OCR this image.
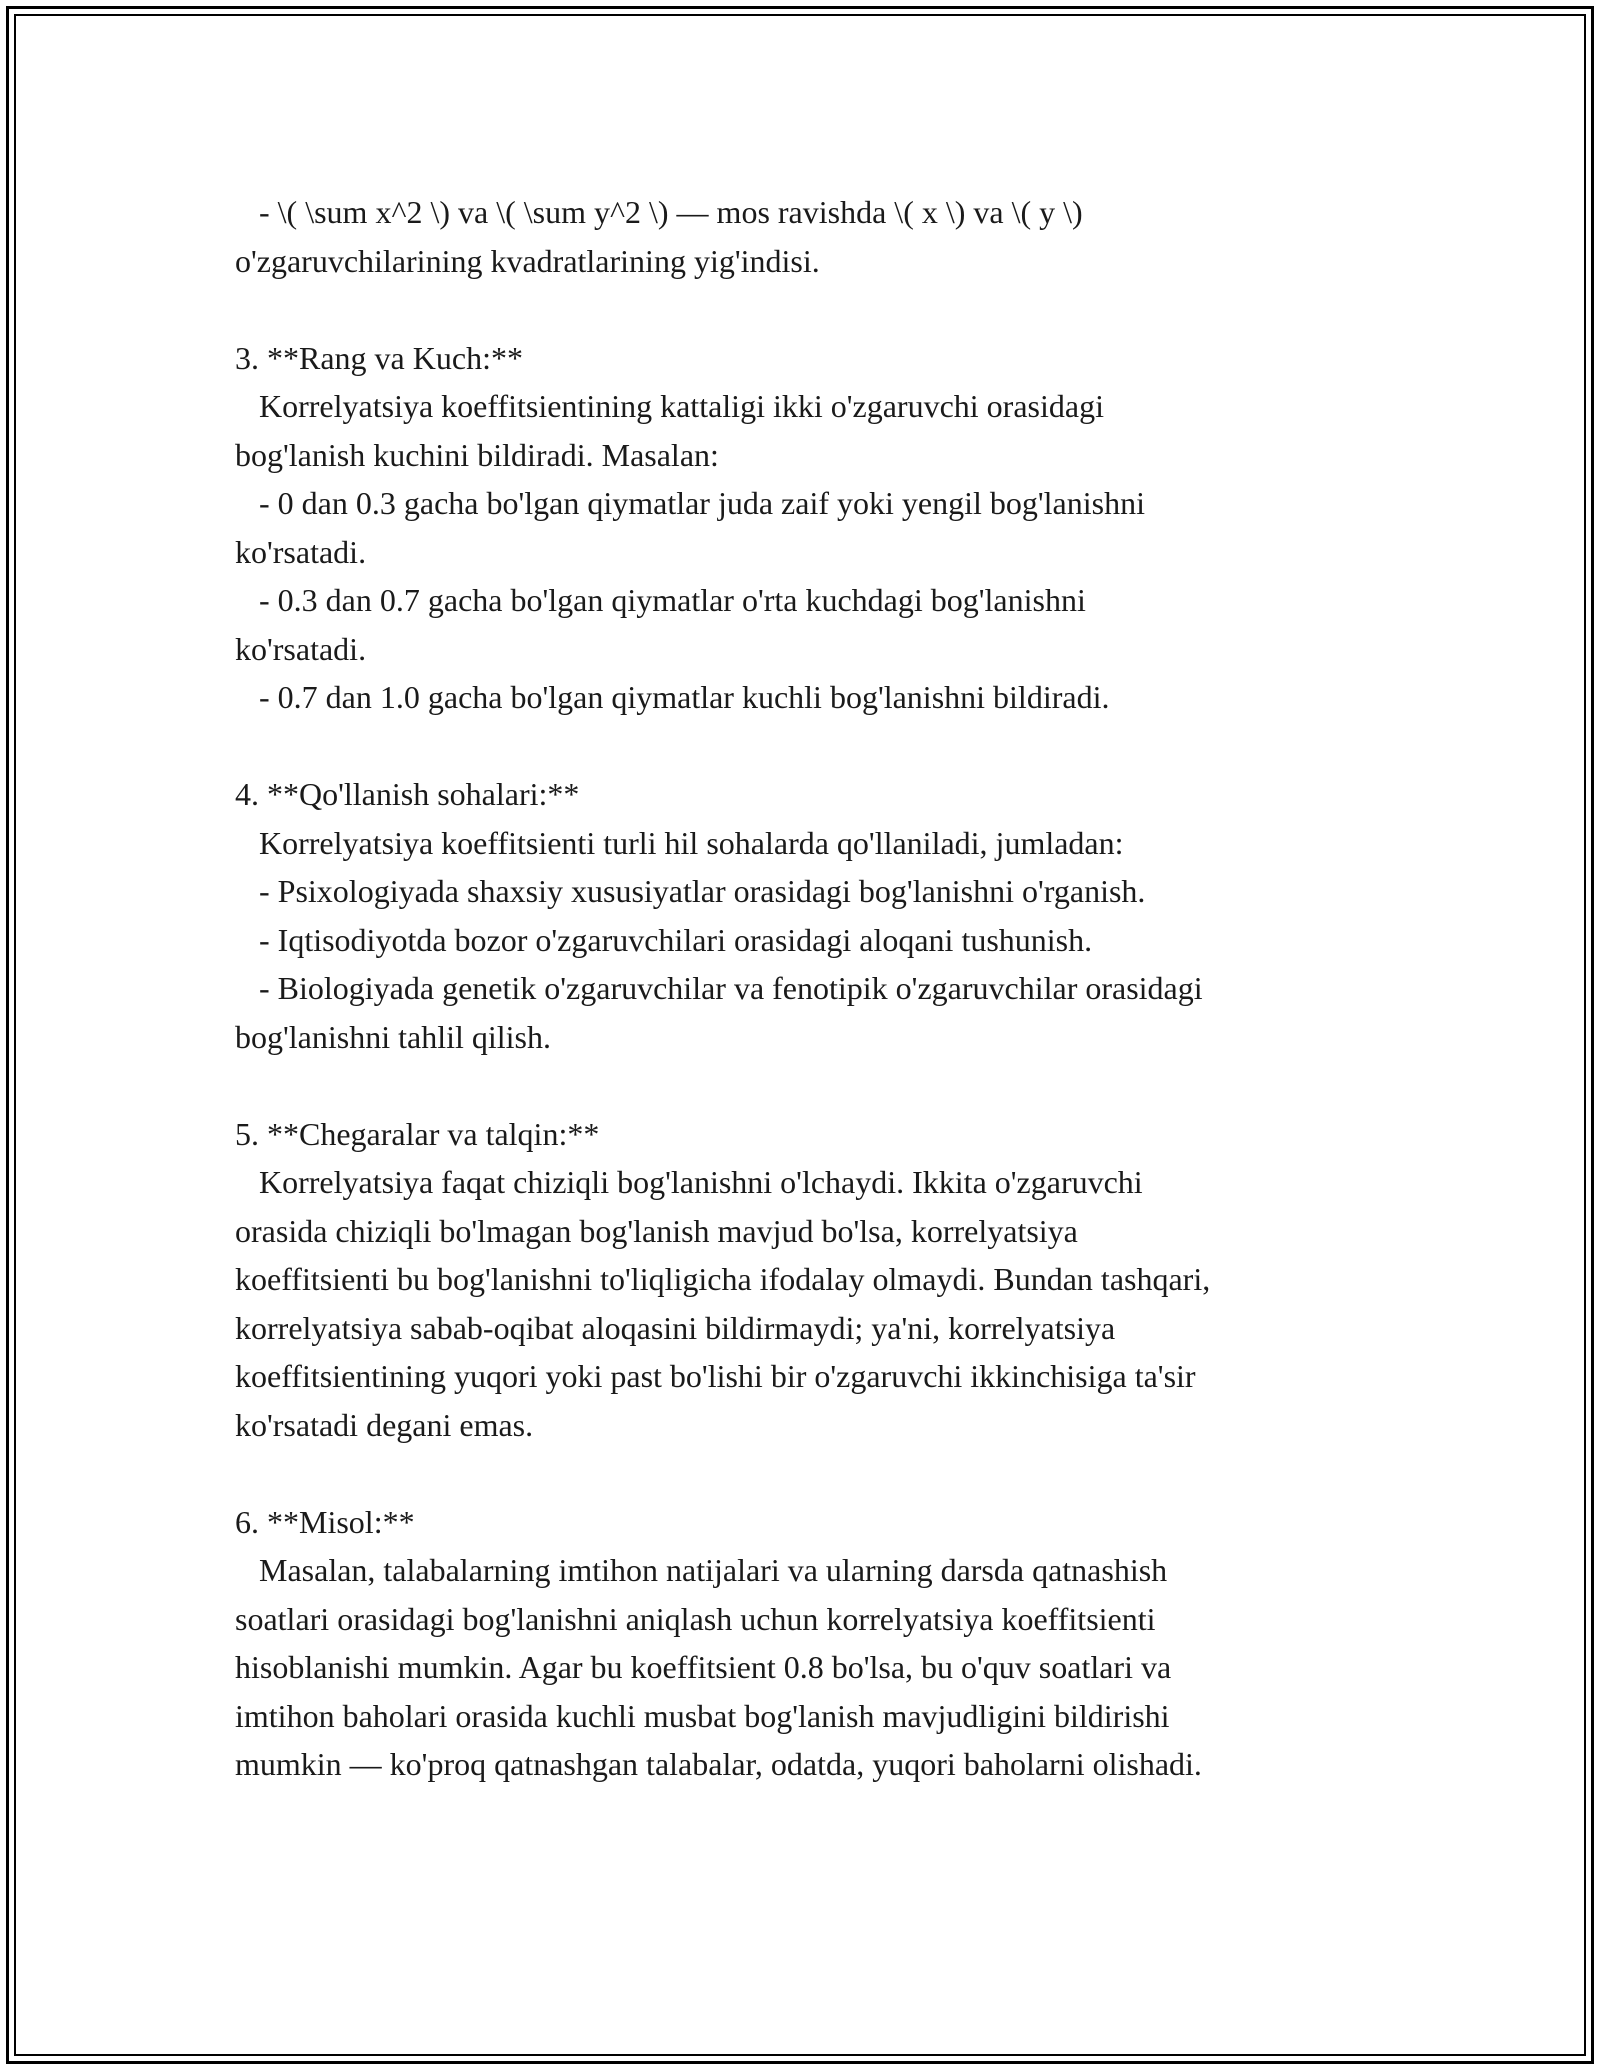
- \( \sum x^2 \) va \( \sum y^2 \) — mos ravishda \( x \) va \( y \)
o'zgaruvchilarining kvadratlarining yig'indisi.
3. **Rang va Kuch:**
Korrelyatsiya koeffitsientining kattaligi ikki o'zgaruvchi orasidagi
bog'lanish kuchini bildiradi. Masalan:
- 0 dan 0.3 gacha bo'lgan qiymatlar juda zaif yoki yengil bog'lanishni
ko'rsatadi.
- 0.3 dan 0.7 gacha bo'lgan qiymatlar o'rta kuchdagi bog'lanishni
ko'rsatadi.
- 0.7 dan 1.0 gacha bo'lgan qiymatlar kuchli bog'lanishni bildiradi.
4. **Qo'llanish sohalari:**
Korrelyatsiya koeffitsienti turli hil sohalarda qo'llaniladi, jumladan:
- Psixologiyada shaxsiy xususiyatlar orasidagi bog'lanishni o'rganish.
- Iqtisodiyotda bozor o'zgaruvchilari orasidagi aloqani tushunish.
- Biologiyada genetik o'zgaruvchilar va fenotipik o'zgaruvchilar orasidagi
bog'lanishni tahlil qilish.
5. **Chegaralar va talqin:**
Korrelyatsiya faqat chiziqli bog'lanishni o'lchaydi. Ikkita o'zgaruvchi
orasida chiziqli bo'lmagan bog'lanish mavjud bo'lsa, korrelyatsiya
koeffitsienti bu bog'lanishni to'liqligicha ifodalay olmaydi. Bundan tashqari,
korrelyatsiya sabab-oqibat aloqasini bildirmaydi; ya'ni, korrelyatsiya
koeffitsientining yuqori yoki past bo'lishi bir o'zgaruvchi ikkinchisiga ta'sir
ko'rsatadi degani emas.
6. **Misol:**
Masalan, talabalarning imtihon natijalari va ularning darsda qatnashish
soatlari orasidagi bog'lanishni aniqlash uchun korrelyatsiya koeffitsienti
hisoblanishi mumkin. Agar bu koeffitsient 0.8 bo'lsa, bu o'quv soatlari va
imtihon baholari orasida kuchli musbat bog'lanish mavjudligini bildirishi
mumkin — ko'proq qatnashgan talabalar, odatda, yuqori baholarni olishadi.
